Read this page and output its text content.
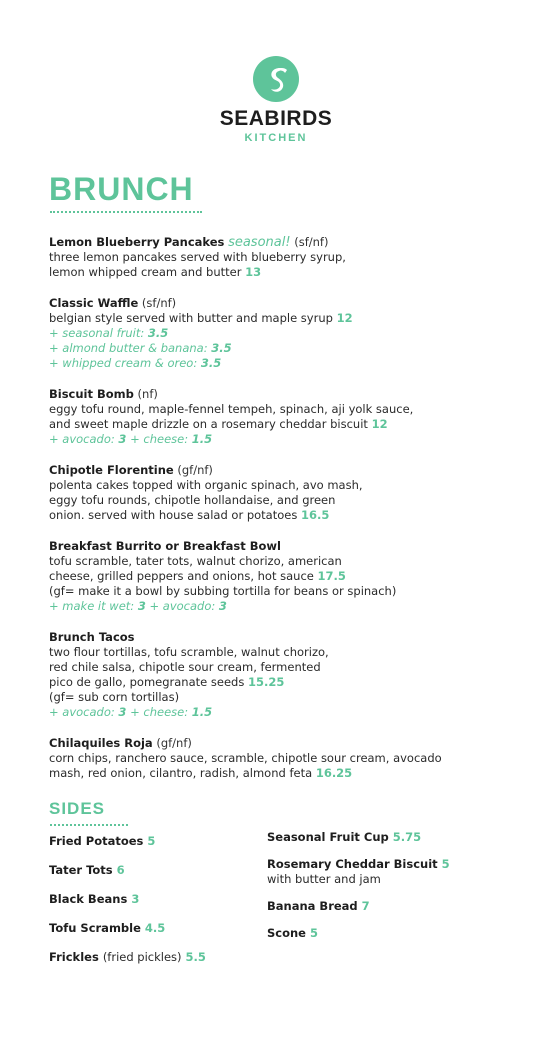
SEABIRDS
KITCHEN
BRUNCH
Lemon Blueberry Pancakes seasonal! (sf/nf)
three lemon pancakes served with blueberry syrup,
lemon whipped cream and butter 13
Classic Waffle (sf/nf)
belgian style served with butter and maple syrup 12
+ seasonal fruit: 3.5
+ almond butter & banana: 3.5
+ whipped cream & oreo: 3.5
Biscuit Bomb (nf)
eggy tofu round, maple-fennel tempeh, spinach, aji yolk sauce,
and sweet maple drizzle on a rosemary cheddar biscuit 12
+ avocado: 3 + cheese: 1.5
Chipotle Florentine (gf/nf)
polenta cakes topped with organic spinach, avo mash,
eggy tofu rounds, chipotle hollandaise, and green
onion. served with house salad or potatoes 16.5
Breakfast Burrito or Breakfast Bowl
tofu scramble, tater tots, walnut chorizo, american
cheese, grilled peppers and onions, hot sauce 17.5
(gf= make it a bowl by subbing tortilla for beans or spinach)
+ make it wet: 3 + avocado: 3
Brunch Tacos
two flour tortillas, tofu scramble, walnut chorizo,
red chile salsa, chipotle sour cream, fermented
pico de gallo, pomegranate seeds 15.25
(gf= sub corn tortillas)
+ avocado: 3 + cheese: 1.5
Chilaquiles Roja (gf/nf)
corn chips, ranchero sauce, scramble, chipotle sour cream, avocado
mash, red onion, cilantro, radish, almond feta 16.25
SIDES
Fried Potatoes 5
Tater Tots 6
Black Beans 3
Tofu Scramble 4.5
Frickles (fried pickles) 5.5
Seasonal Fruit Cup 5.75
Rosemary Cheddar Biscuit 5
with butter and jam
Banana Bread 7
Scone 5
